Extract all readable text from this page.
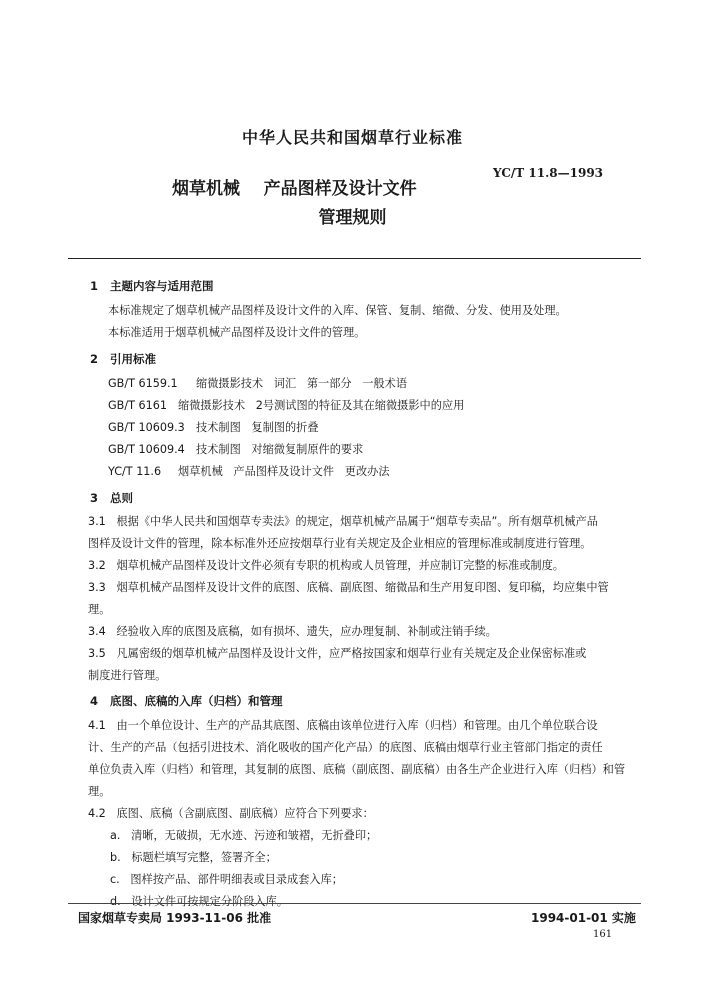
中华人民共和国烟草行业标准
YC/T 11.8—1993
烟草机械    产品图样及设计文件
管理规则
1   主题内容与适用范围
本标准规定了烟草机械产品图样及设计文件的入库、保管、复制、缩微、分发、使用及处理。
本标准适用于烟草机械产品图样及设计文件的管理。
2   引用标准
GB/T 6159.1 缩微摄影技术   词汇   第一部分   一般术语
GB/T 6161 缩微摄影技术   2号测试图的特征及其在缩微摄影中的应用
GB/T 10609.3 技术制图   复制图的折叠
GB/T 10609.4 技术制图   对缩微复制原件的要求
YC/T 11.6 烟草机械   产品图样及设计文件   更改办法
3   总则
3.1   根据《中华人民共和国烟草专卖法》的规定，烟草机械产品属于“烟草专卖品”。所有烟草机械产品
图样及设计文件的管理，除本标准外还应按烟草行业有关规定及企业相应的管理标准或制度进行管理。
3.2   烟草机械产品图样及设计文件必须有专职的机构或人员管理，并应制订完整的标准或制度。
3.3   烟草机械产品图样及设计文件的底图、底稿、副底图、缩微品和生产用复印图、复印稿，均应集中管
理。
3.4   经验收入库的底图及底稿，如有损坏、遗失，应办理复制、补制或注销手续。
3.5   凡属密级的烟草机械产品图样及设计文件，应严格按国家和烟草行业有关规定及企业保密标准或
制度进行管理。
4   底图、底稿的入库（归档）和管理
4.1   由一个单位设计、生产的产品其底图、底稿由该单位进行入库（归档）和管理。由几个单位联合设
计、生产的产品（包括引进技术、消化吸收的国产化产品）的底图、底稿由烟草行业主管部门指定的责任
单位负责入库（归档）和管理，其复制的底图、底稿（副底图、副底稿）由各生产企业进行入库（归档）和管
理。
4.2   底图、底稿（含副底图、副底稿）应符合下列要求：
a.   清晰，无破损，无水迹、污迹和皱褶，无折叠印；
b.   标题栏填写完整，签署齐全；
c.   图样按产品、部件明细表或目录成套入库；
d.   设计文件可按规定分阶段入库。
国家烟草专卖局 1993-11-06 批准	1994-01-01 实施
161
